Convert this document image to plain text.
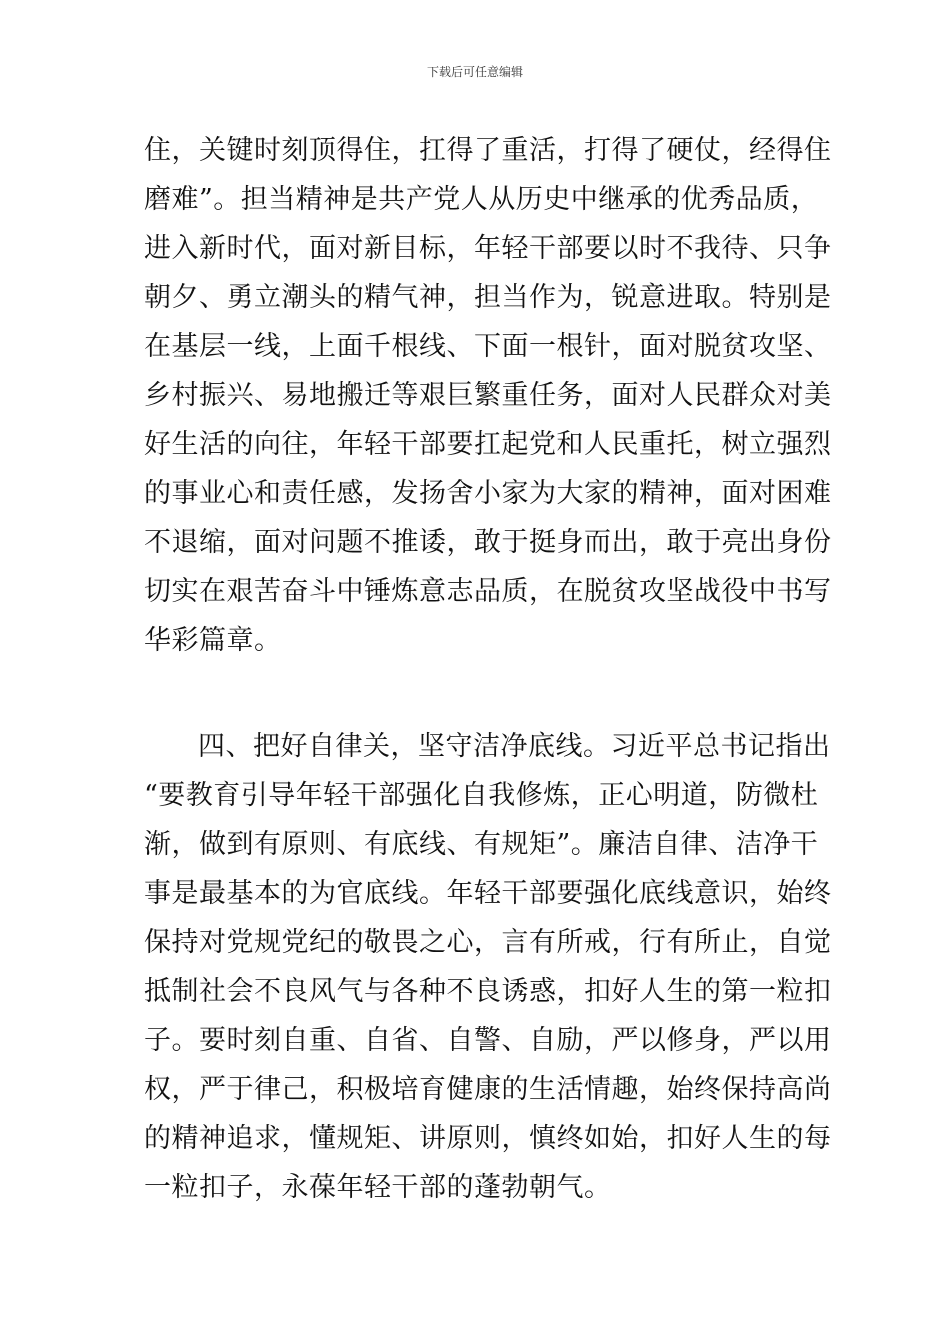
下载后可任意编辑
住，关键时刻顶得住，扛得了重活，打得了硬仗，经得住
磨难”。担当精神是共产党人从历史中继承的优秀品质，
进入新时代，面对新目标，年轻干部要以时不我待、只争
朝夕、勇立潮头的精气神，担当作为，锐意进取。特别是
在基层一线，上面千根线、下面一根针，面对脱贫攻坚、
乡村振兴、易地搬迁等艰巨繁重任务，面对人民群众对美
好生活的向往，年轻干部要扛起党和人民重托，树立强烈
的事业心和责任感，发扬舍小家为大家的精神，面对困难
不退缩，面对问题不推诿，敢于挺身而出，敢于亮出身份
切实在艰苦奋斗中锤炼意志品质，在脱贫攻坚战役中书写
华彩篇章。
四、把好自律关，坚守洁净底线。习近平总书记指出
“要教育引导年轻干部强化自我修炼，正心明道，防微杜
渐，做到有原则、有底线、有规矩”。廉洁自律、洁净干
事是最基本的为官底线。年轻干部要强化底线意识，始终
保持对党规党纪的敬畏之心，言有所戒，行有所止，自觉
抵制社会不良风气与各种不良诱惑，扣好人生的第一粒扣
子。要时刻自重、自省、自警、自励，严以修身，严以用
权，严于律己，积极培育健康的生活情趣，始终保持高尚
的精神追求，懂规矩、讲原则，慎终如始，扣好人生的每
一粒扣子，永葆年轻干部的蓬勃朝气。
